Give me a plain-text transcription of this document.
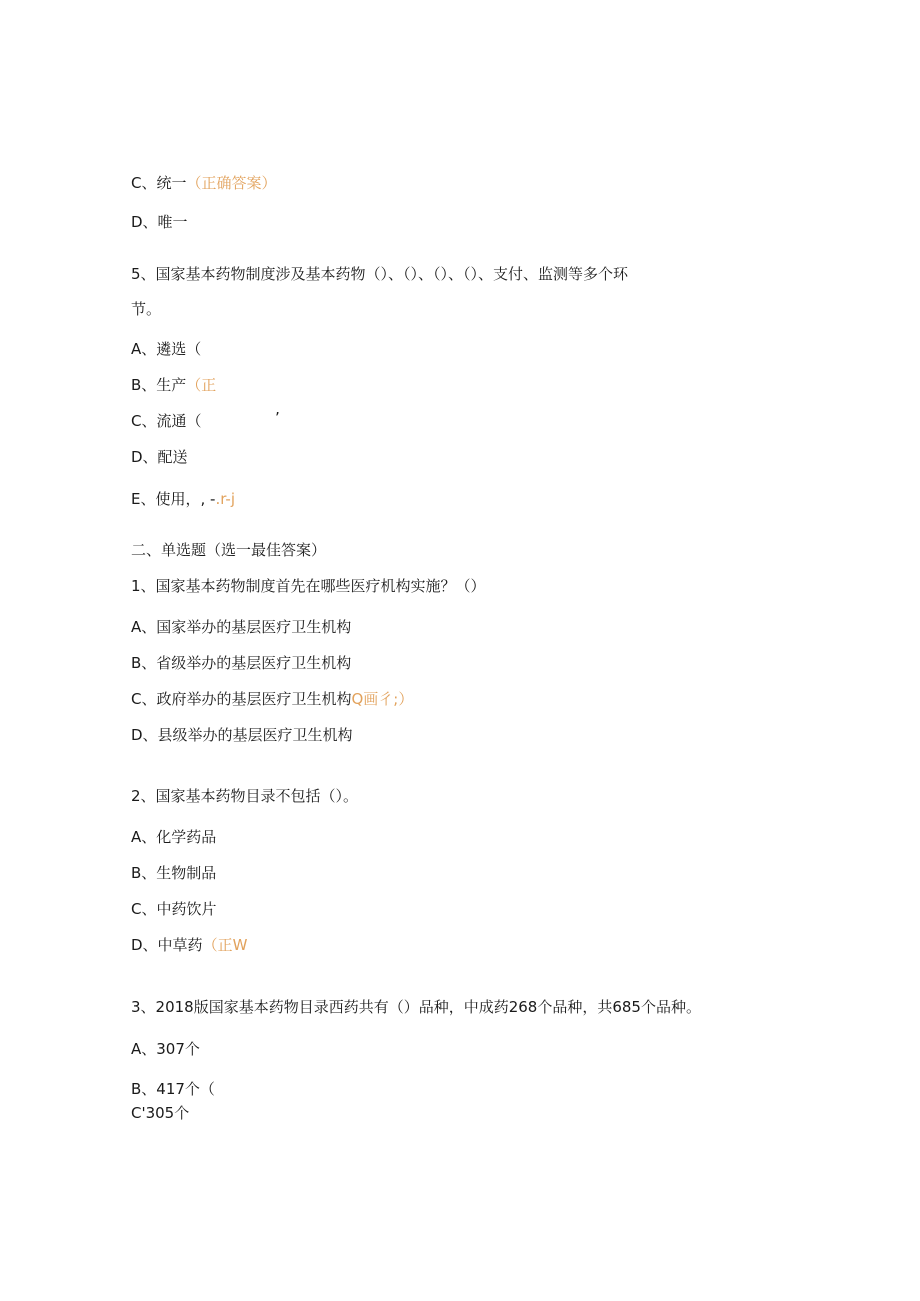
C、统一（正确答案）
D、唯一
5、国家基本药物制度涉及基本药物（）、（）、（）、（）、支付、监测等多个环
节。
A、遴选（
B、生产（正
C、流通（	’
D、配送
E、使用，, -.r-j
二、单选题（选一最佳答案）
1、国家基本药物制度首先在哪些医疗机构实施？（）
A、国家举办的基层医疗卫生机构
B、省级举办的基层医疗卫生机构
C、政府举办的基层医疗卫生机构Q画彳;）
D、县级举办的基层医疗卫生机构
2、国家基本药物目录不包括（）。
A、化学药品
B、生物制品
C、中药饮片
D、中草药（正W
3、2018版国家基本药物目录西药共有（）品种，中成药268个品种，共685个品种。
A、307个
B、417个（
C'305个
